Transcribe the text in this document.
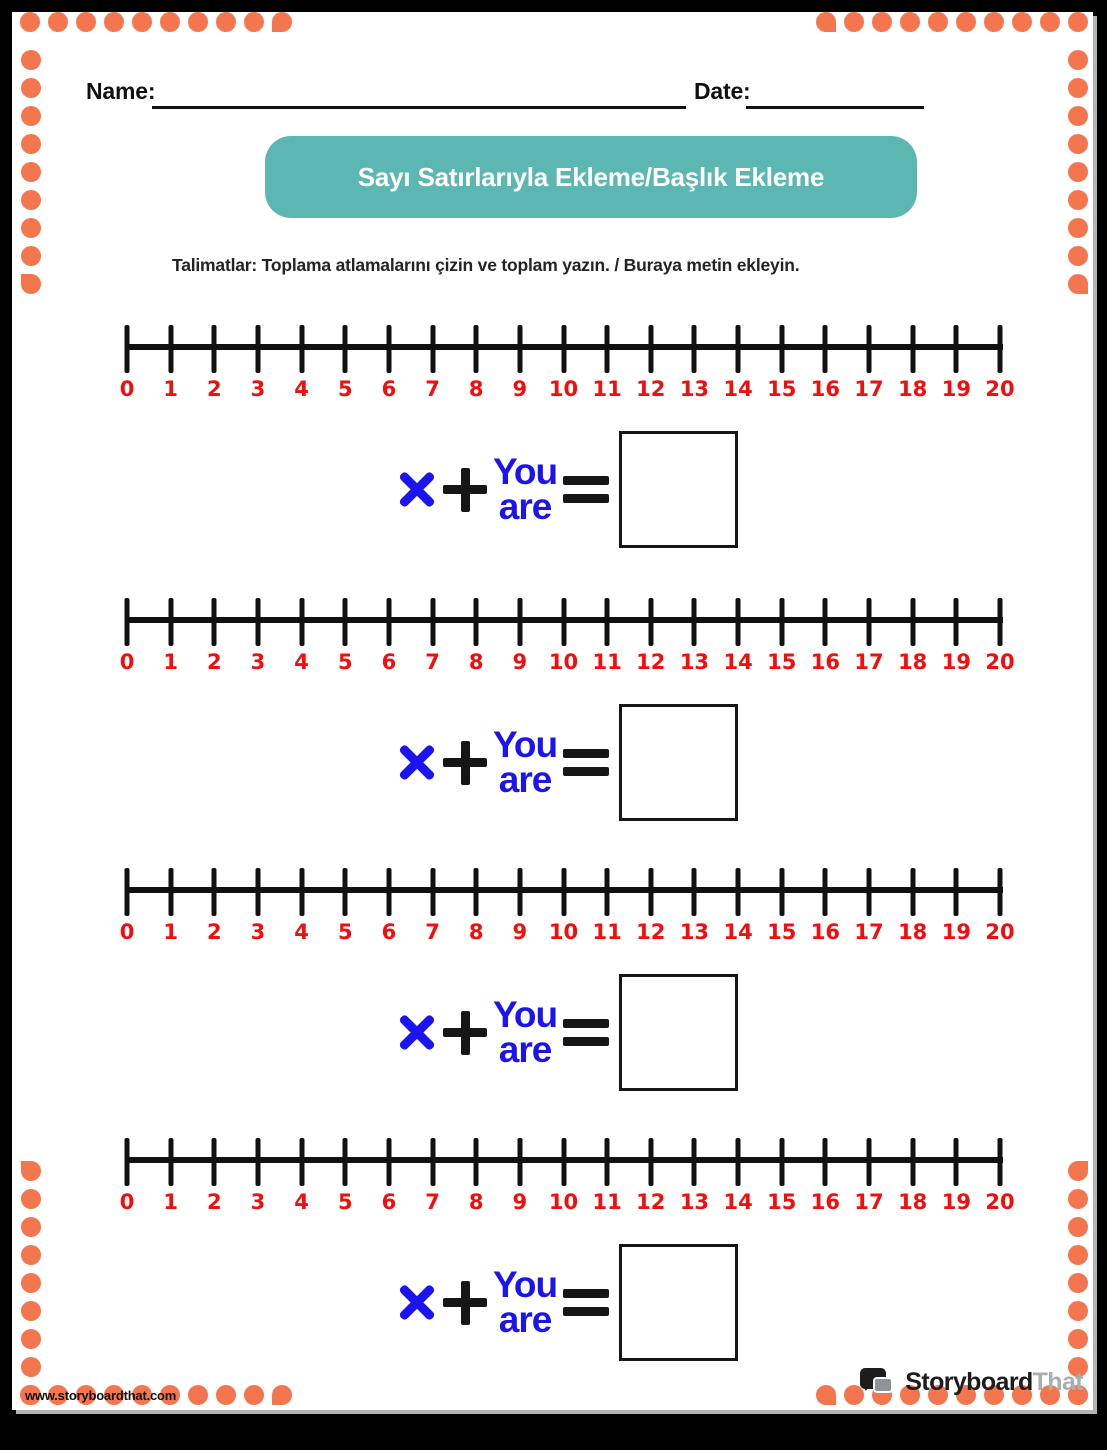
Name:	Date:
Sayı Satırlarıyla Ekleme/Başlık Ekleme
Talimatlar: Toplama atlamalarını çizin ve toplam yazın. / Buraya metin ekleyin.
0 1 2 3 4 5 6 7 8 9 10 11 12 13 14 15 16 17 18 19 20
You
are
0 1 2 3 4 5 6 7 8 9 10 11 12 13 14 15 16 17 18 19 20
You
are
0 1 2 3 4 5 6 7 8 9 10 11 12 13 14 15 16 17 18 19 20
You
are
0 1 2 3 4 5 6 7 8 9 10 11 12 13 14 15 16 17 18 19 20
You
are
www.storyboardthat.com	StoryboardThat
